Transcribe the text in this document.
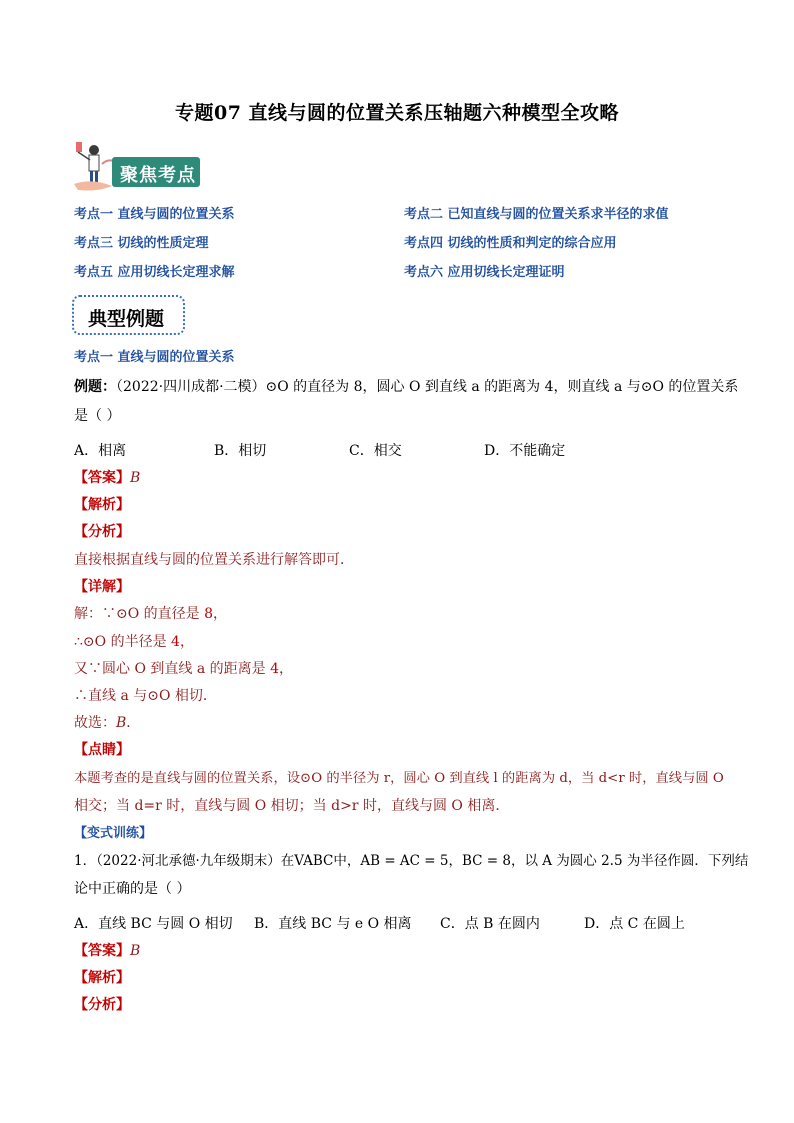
专题07 直线与圆的位置关系压轴题六种模型全攻略
聚焦考点
考点一 直线与圆的位置关系	考点二 已知直线与圆的位置关系求半径的求值
考点三 切线的性质定理	考点四 切线的性质和判定的综合应用
考点五 应用切线长定理求解	考点六 应用切线长定理证明
典型例题
考点一 直线与圆的位置关系
例题：（2022·四川成都·二模）⊙O 的直径为 8，圆心 O 到直线 a 的距离为 4，则直线 a 与⊙O 的位置关系
是（ ）
A．相离	B．相切	C．相交	D．不能确定
【答案】B
【解析】
【分析】
直接根据直线与圆的位置关系进行解答即可．
【详解】
解：∵⊙O 的直径是 8，
∴⊙O 的半径是 4，
又∵圆心 O 到直线 a 的距离是 4，
∴直线 a 与⊙O 相切．
故选：B．
【点睛】
本题考查的是直线与圆的位置关系，设⊙O 的半径为 r，圆心 O 到直线 l 的距离为 d，当 d<r 时，直线与圆 O
相交；当 d=r 时，直线与圆 O 相切；当 d>r 时，直线与圆 O 相离．
【变式训练】
1．（2022·河北承德·九年级期末）在VABC中，AB = AC = 5，BC = 8，以 A 为圆心 2.5 为半径作圆．下列结
论中正确的是（ ）
A．直线 BC 与圆 O 相切 B．直线 BC 与 e O 相离 C．点 B 在圆内	D．点 C 在圆上
【答案】B
【解析】
【分析】
